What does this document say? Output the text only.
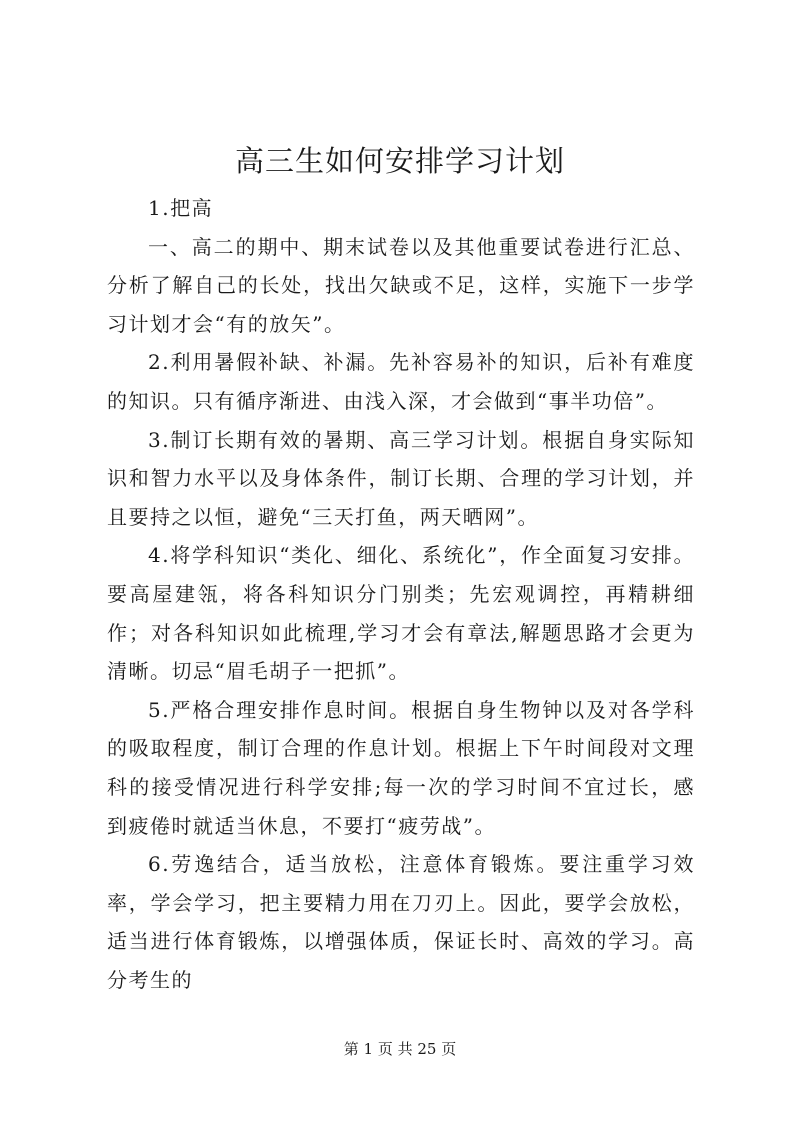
高三生如何安排学习计划

1.把高

一、高二的期中、期末试卷以及其他重要试卷进行汇总、分析了解自己的长处，找出欠缺或不足，这样，实施下一步学习计划才会“有的放矢”。

2.利用暑假补缺、补漏。先补容易补的知识，后补有难度的知识。只有循序渐进、由浅入深，才会做到“事半功倍”。

3.制订长期有效的暑期、高三学习计划。根据自身实际知识和智力水平以及身体条件，制订长期、合理的学习计划，并且要持之以恒，避免“三天打鱼，两天晒网”。

4.将学科知识“类化、细化、系统化”，作全面复习安排。要高屋建瓴，将各科知识分门别类；先宏观调控，再精耕细作；对各科知识如此梳理,学习才会有章法,解题思路才会更为清晰。切忌“眉毛胡子一把抓”。

5.严格合理安排作息时间。根据自身生物钟以及对各学科的吸取程度，制订合理的作息计划。根据上下午时间段对文理科的接受情况进行科学安排;每一次的学习时间不宜过长，感到疲倦时就适当休息，不要打“疲劳战”。

6.劳逸结合，适当放松，注意体育锻炼。要注重学习效率，学会学习，把主要精力用在刀刃上。因此，要学会放松，适当进行体育锻炼，以增强体质，保证长时、高效的学习。高分考生的

第 1 页 共 25 页
